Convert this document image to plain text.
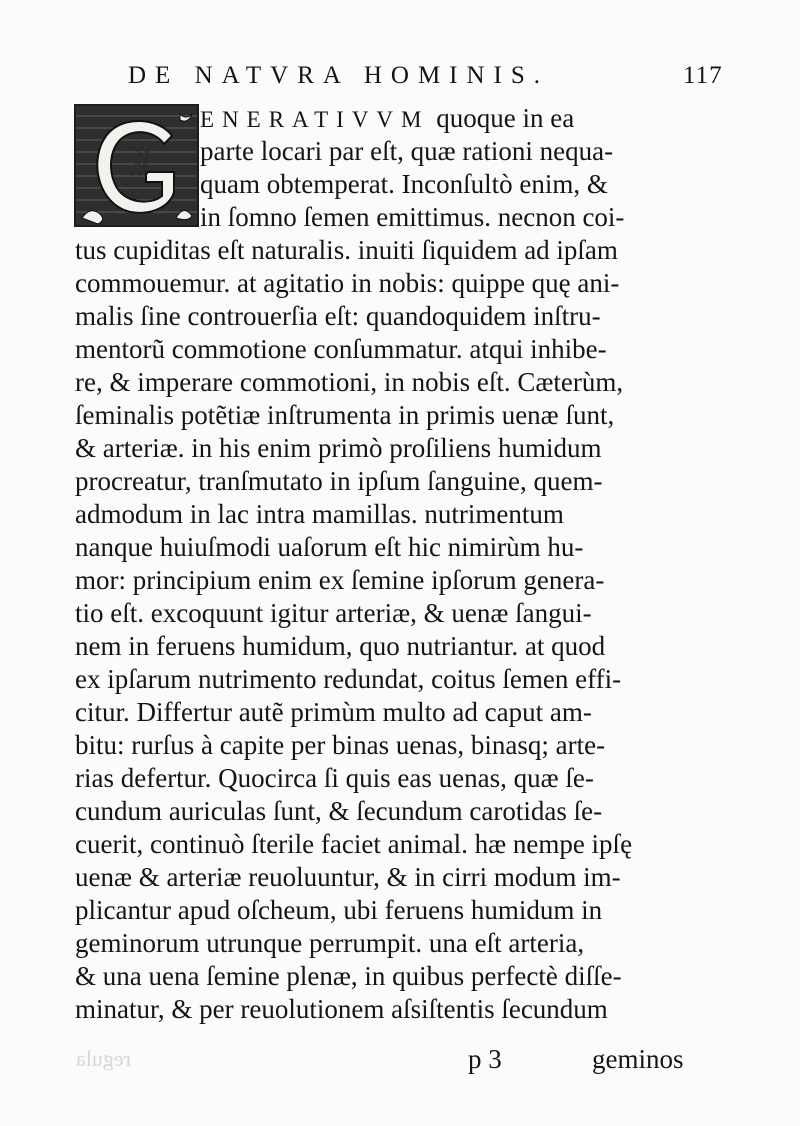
DE NATVRA HOMINIS.	117
ENERATIVVM quoque in ea
parte locari par eſt, quæ rationi nequa-
quam obtemperat. Inconſultò enim, &
in ſomno ſemen emittimus. necnon coi-
tus cupiditas eſt naturalis. inuiti ſiquidem ad ipſam
commouemur. at agitatio in nobis: quippe quę ani-
malis ſine controuerſia eſt: quandoquidem inſtru-
mentorũ commotione conſummatur. atqui inhibe-
re, & imperare commotioni, in nobis eſt. Cæterùm,
ſeminalis potẽtiæ inſtrumenta in primis uenæ ſunt,
& arteriæ. in his enim primò proſiliens humidum
procreatur, tranſmutato in ipſum ſanguine, quem-
admodum in lac intra mamillas. nutrimentum
nanque huiuſmodi uaſorum eſt hic nimirùm hu-
mor: principium enim ex ſemine ipſorum genera-
tio eſt. excoquunt igitur arteriæ, & uenæ ſangui-
nem in feruens humidum, quo nutriantur. at quod
ex ipſarum nutrimento redundat, coitus ſemen effi-
citur. Differtur autẽ primùm multo ad caput am-
bitu: rurſus à capite per binas uenas, binasq; arte-
rias defertur. Quocirca ſi quis eas uenas, quæ ſe-
cundum auriculas ſunt, & ſecundum carotidas ſe-
cuerit, continuò ſterile faciet animal. hæ nempe ipſę
uenæ & arteriæ reuoluuntur, & in cirri modum im-
plicantur apud oſcheum, ubi feruens humidum in
geminorum utrunque perrumpit. una eſt arteria,
& una uena ſemine plenæ, in quibus perfectè diſſe-
minatur, & per reuolutionem aſsiſtentis ſecundum
regula	p 3	geminos
